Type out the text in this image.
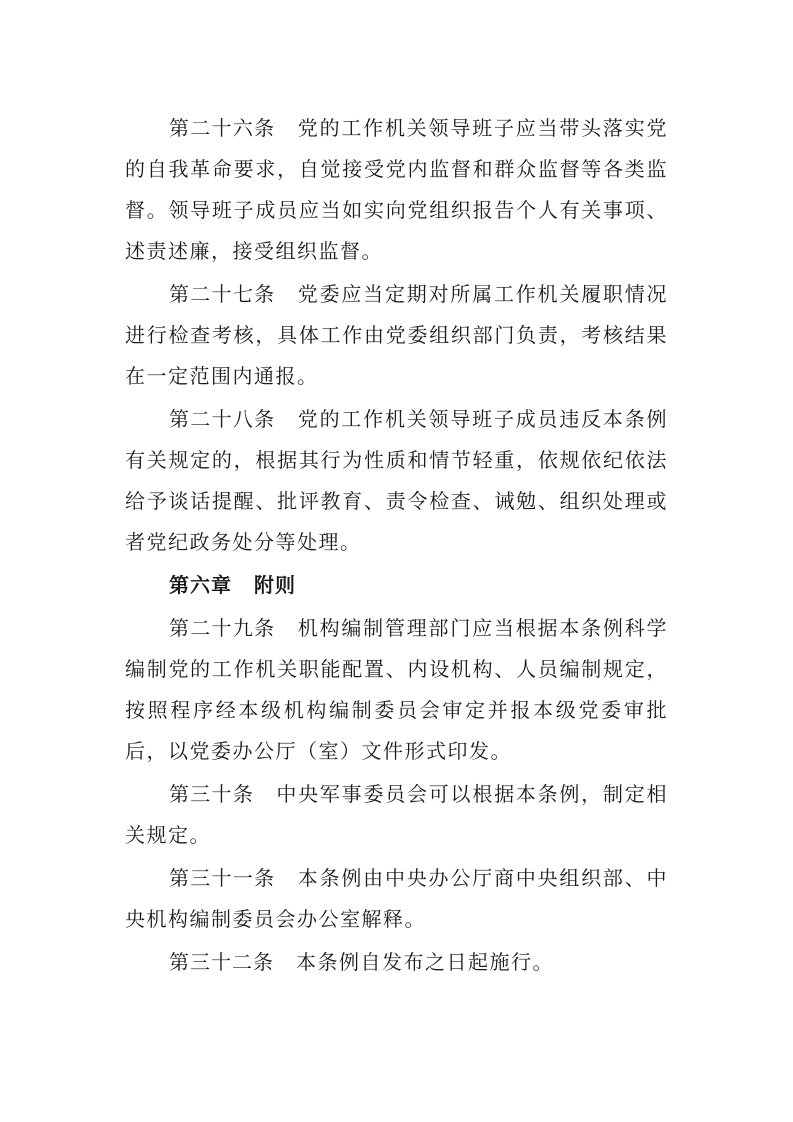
第二十六条 党的工作机关领导班子应当带头落实党的自我革命要求，自觉接受党内监督和群众监督等各类监督。领导班子成员应当如实向党组织报告个人有关事项、述责述廉，接受组织监督。

第二十七条 党委应当定期对所属工作机关履职情况进行检查考核，具体工作由党委组织部门负责，考核结果在一定范围内通报。

第二十八条 党的工作机关领导班子成员违反本条例有关规定的，根据其行为性质和情节轻重，依规依纪依法给予谈话提醒、批评教育、责令检查、诫勉、组织处理或者党纪政务处分等处理。

第六章 附则

第二十九条 机构编制管理部门应当根据本条例科学编制党的工作机关职能配置、内设机构、人员编制规定，按照程序经本级机构编制委员会审定并报本级党委审批后，以党委办公厅（室）文件形式印发。

第三十条 中央军事委员会可以根据本条例，制定相关规定。

第三十一条 本条例由中央办公厅商中央组织部、中央机构编制委员会办公室解释。

第三十二条 本条例自发布之日起施行。
